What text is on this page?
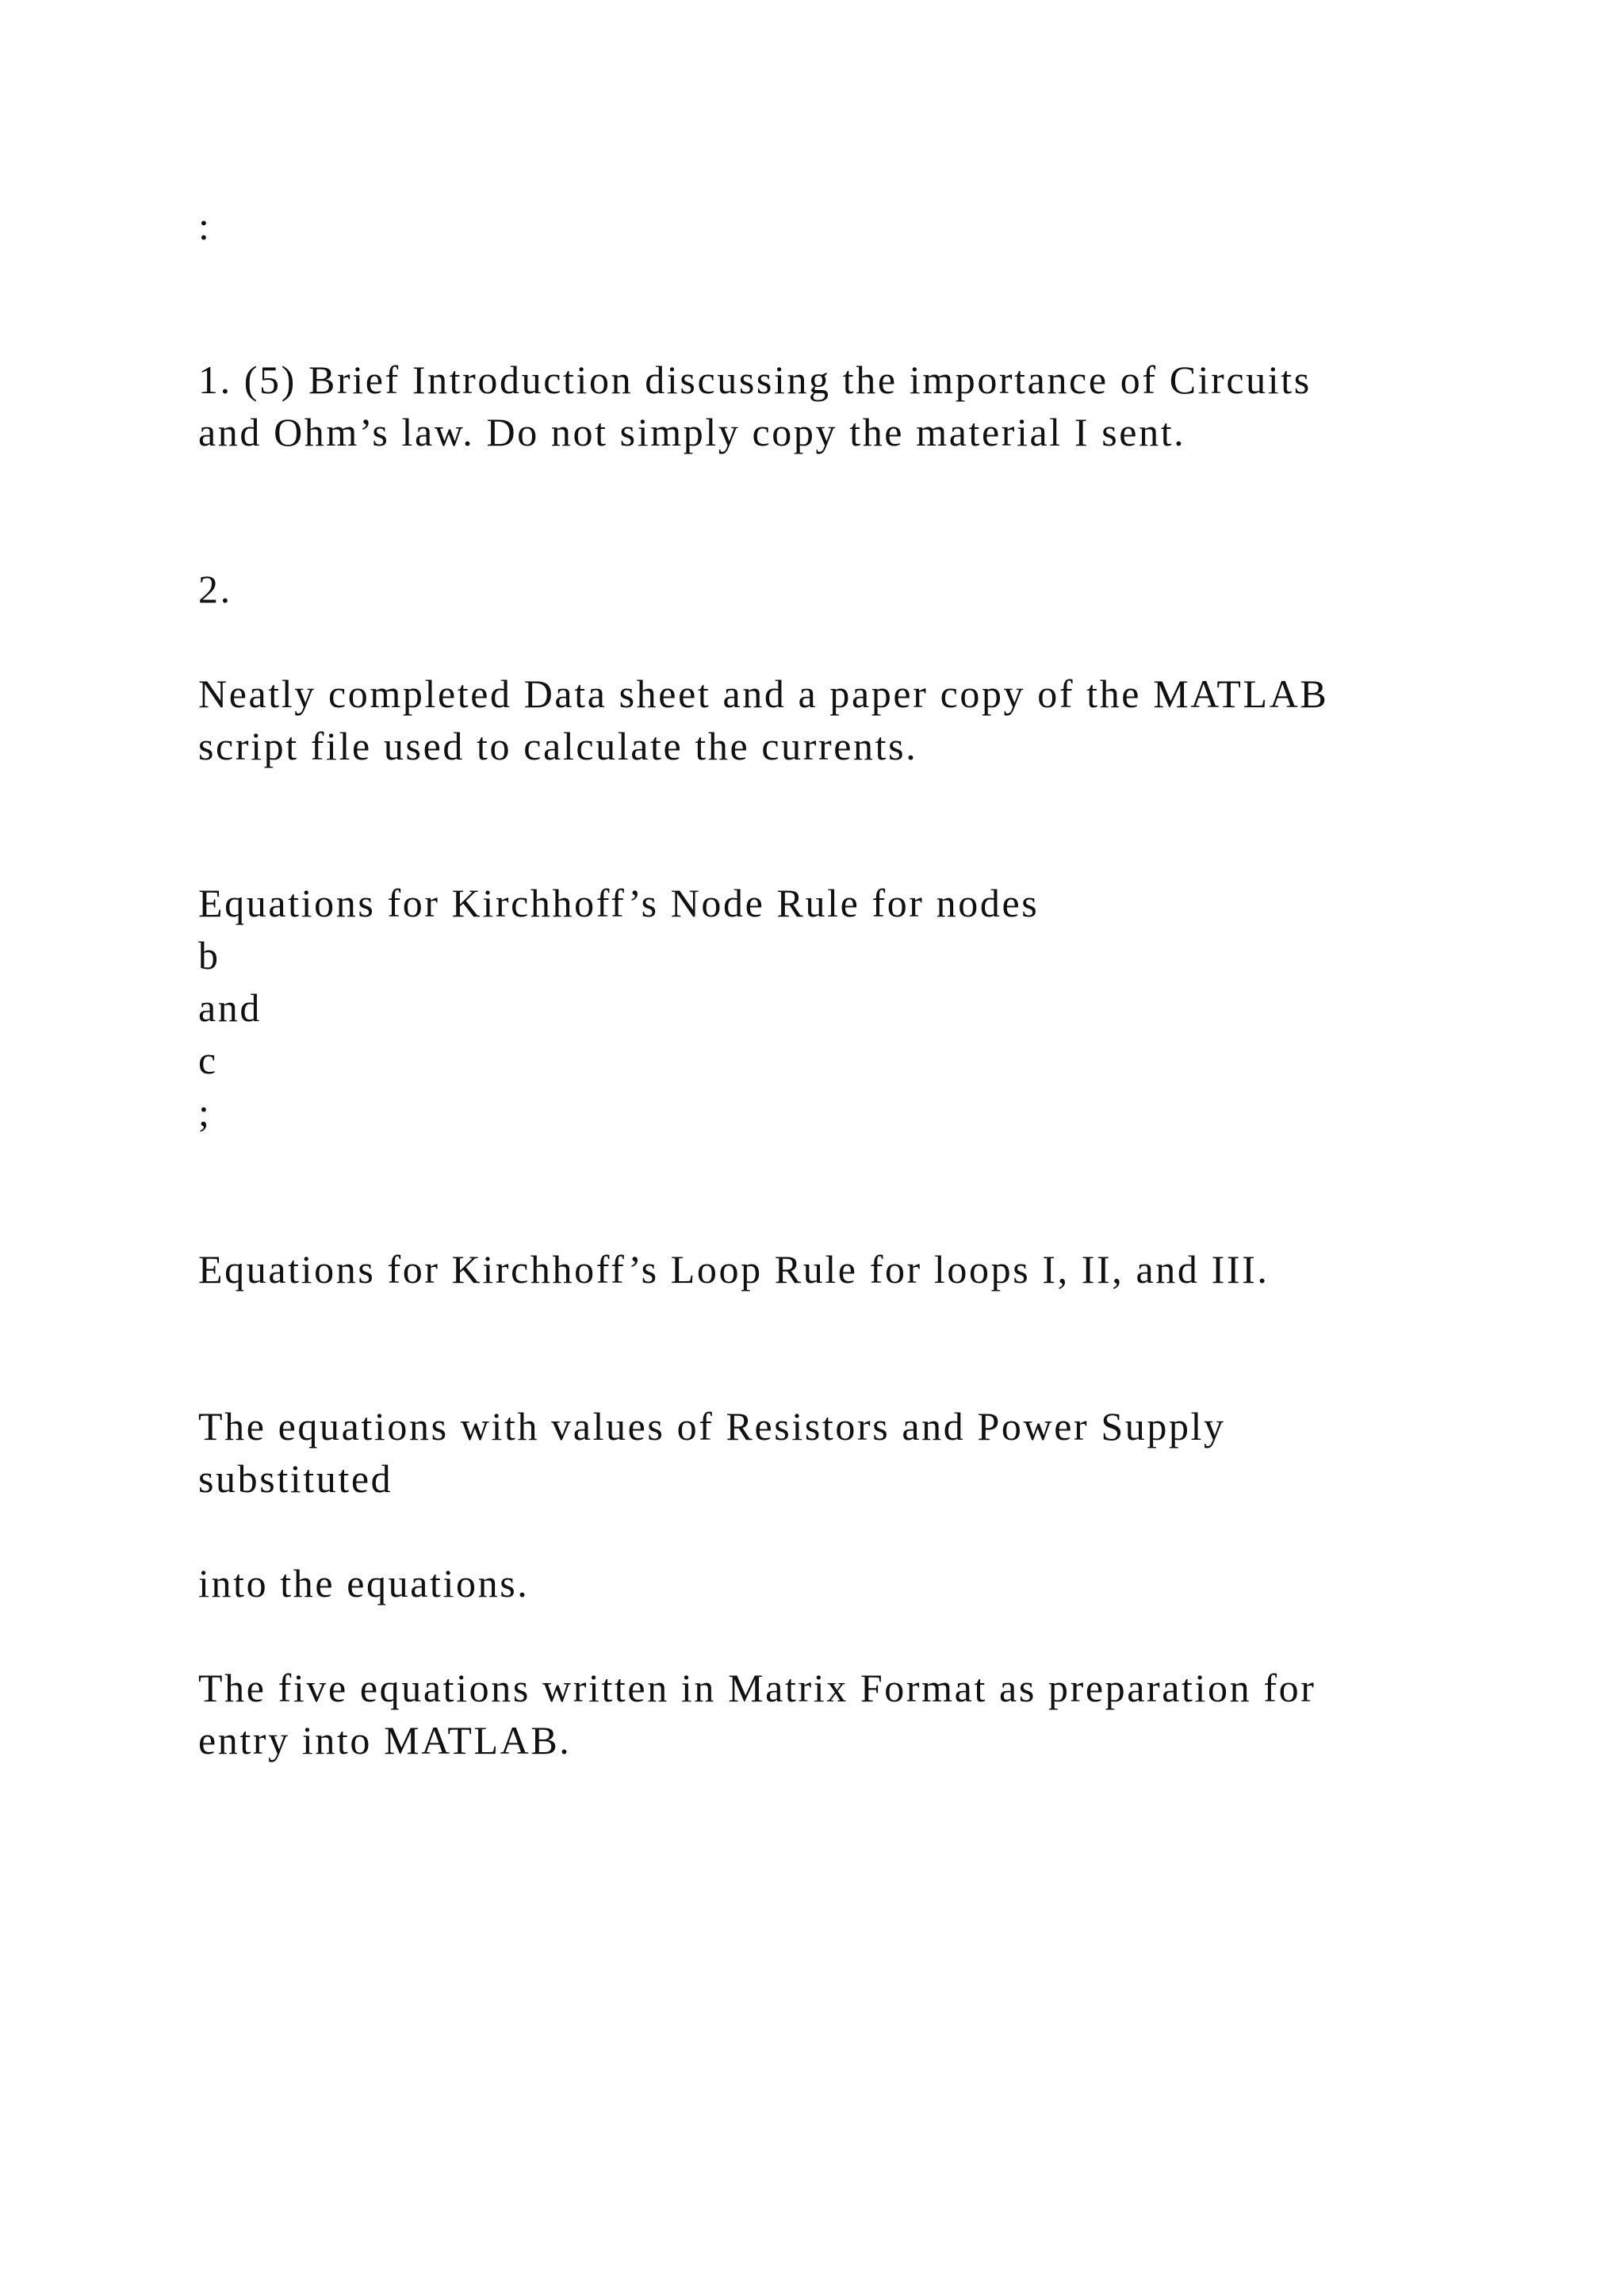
:
1. (5) Brief Introduction discussing the importance of Circuits
and Ohm’s law. Do not simply copy the material I sent.
2.
Neatly completed Data sheet and a paper copy of the MATLAB
script file used to calculate the currents.
Equations for Kirchhoff’s Node Rule for nodes
b
and
c
;
Equations for Kirchhoff’s Loop Rule for loops I, II, and III.
The equations with values of Resistors and Power Supply
substituted
into the equations.
The five equations written in Matrix Format as preparation for
entry into MATLAB.
